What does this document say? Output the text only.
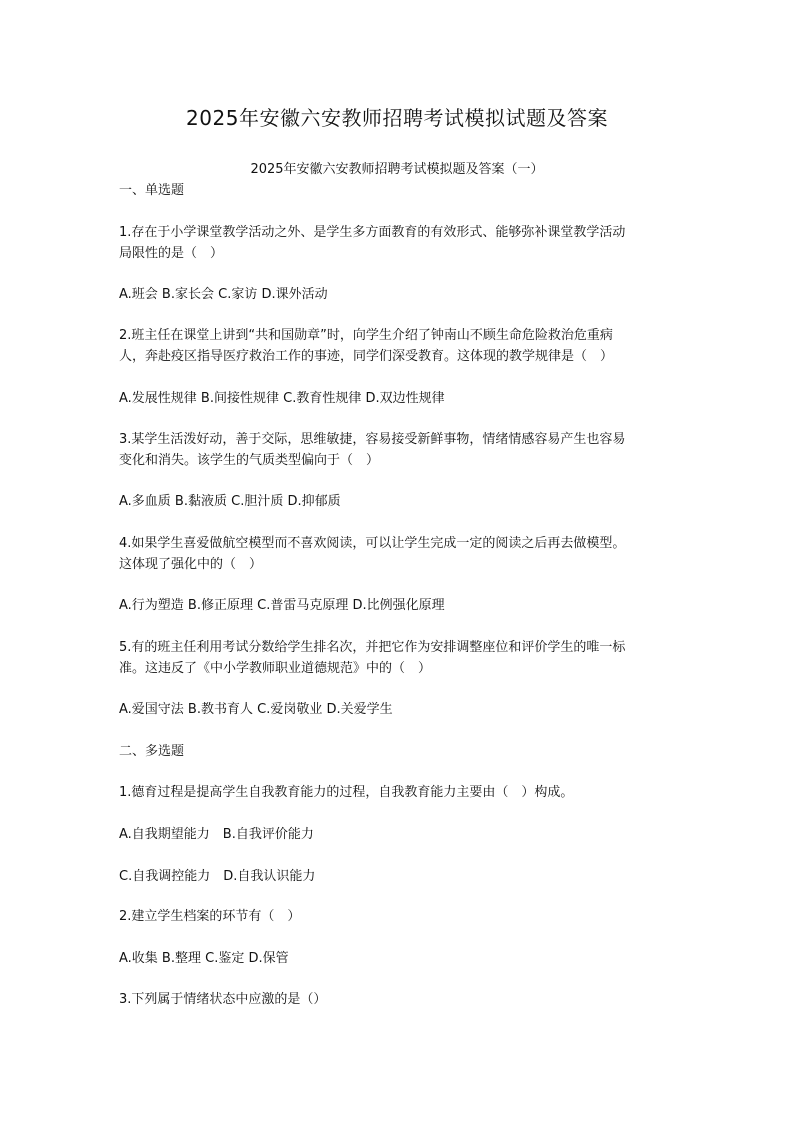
2025年安徽六安教师招聘考试模拟试题及答案
2025年安徽六安教师招聘考试模拟题及答案（一）
一、单选题
1.存在于小学课堂教学活动之外、是学生多方面教育的有效形式、能够弥补课堂教学活动
局限性的是（　）
A.班会 B.家长会 C.家访 D.课外活动
2.班主任在课堂上讲到“共和国勋章”时，向学生介绍了钟南山不顾生命危险救治危重病
人，奔赴疫区指导医疗救治工作的事迹，同学们深受教育。这体现的教学规律是（　）
A.发展性规律 B.间接性规律 C.教育性规律 D.双边性规律
3.某学生活泼好动，善于交际，思维敏捷，容易接受新鲜事物，情绪情感容易产生也容易
变化和消失。该学生的气质类型偏向于（　）
A.多血质 B.黏液质 C.胆汁质 D.抑郁质
4.如果学生喜爱做航空模型而不喜欢阅读，可以让学生完成一定的阅读之后再去做模型。
这体现了强化中的（　）
A.行为塑造 B.修正原理 C.普雷马克原理 D.比例强化原理
5.有的班主任利用考试分数给学生排名次，并把它作为安排调整座位和评价学生的唯一标
准。这违反了《中小学教师职业道德规范》中的（　）
A.爱国守法 B.教书育人 C.爱岗敬业 D.关爱学生
二、多选题
1.德育过程是提高学生自我教育能力的过程，自我教育能力主要由（　）构成。
A.自我期望能力　B.自我评价能力
C.自我调控能力　D.自我认识能力
2.建立学生档案的环节有（　）
A.收集 B.整理 C.鉴定 D.保管
3.下列属于情绪状态中应激的是（）
